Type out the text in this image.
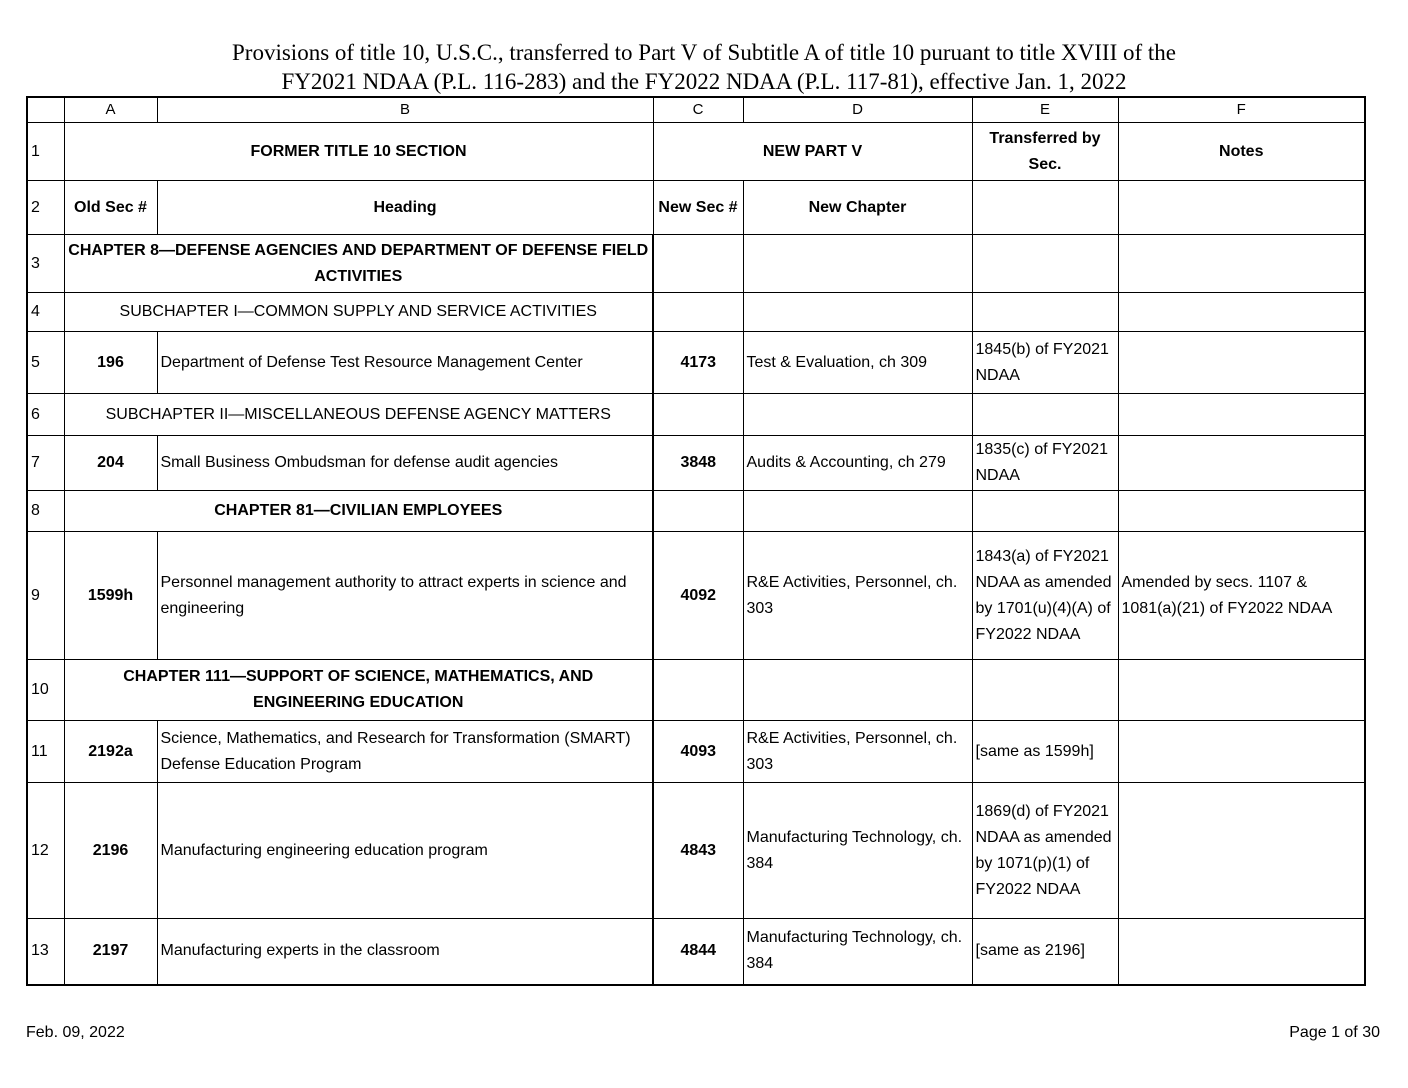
Provisions of title 10, U.S.C., transferred to Part V of Subtitle A of title 10 puruant to title XVIII of the
FY2021 NDAA (P.L. 116-283) and the FY2022 NDAA (P.L. 117-81), effective Jan. 1, 2022
	A	B	C	D	E	F
1	FORMER TITLE 10 SECTION		NEW PART V		Transferred by Sec.	Notes
2	Old Sec #	Heading	New Sec #	New Chapter		
3	CHAPTER 8—DEFENSE AGENCIES AND DEPARTMENT OF DEFENSE FIELD ACTIVITIES					
4	SUBCHAPTER I—COMMON SUPPLY AND SERVICE ACTIVITIES					
5	196	Department of Defense Test Resource Management Center	4173	Test & Evaluation, ch 309	1845(b) of FY2021 NDAA	
6	SUBCHAPTER II—MISCELLANEOUS DEFENSE AGENCY MATTERS					
7	204	Small Business Ombudsman for defense audit agencies	3848	Audits & Accounting, ch 279	1835(c) of FY2021 NDAA	
8	CHAPTER 81—CIVILIAN EMPLOYEES					
9	1599h	Personnel management authority to attract experts in science and engineering	4092	R&E Activities, Personnel, ch. 303	1843(a) of FY2021 NDAA as amended by 1701(u)(4)(A) of FY2022 NDAA	Amended by secs. 1107 & 1081(a)(21) of FY2022 NDAA
10	CHAPTER 111—SUPPORT OF SCIENCE, MATHEMATICS, AND ENGINEERING EDUCATION					
11	2192a	Science, Mathematics, and Research for Transformation (SMART) Defense Education Program	4093	R&E Activities, Personnel, ch. 303	[same as 1599h]	
12	2196	Manufacturing engineering education program	4843	Manufacturing Technology, ch. 384	1869(d) of FY2021 NDAA as amended by 1071(p)(1) of FY2022 NDAA	
13	2197	Manufacturing experts in the classroom	4844	Manufacturing Technology, ch. 384	[same as 2196]	
Feb. 09, 2022	Page 1 of 30
